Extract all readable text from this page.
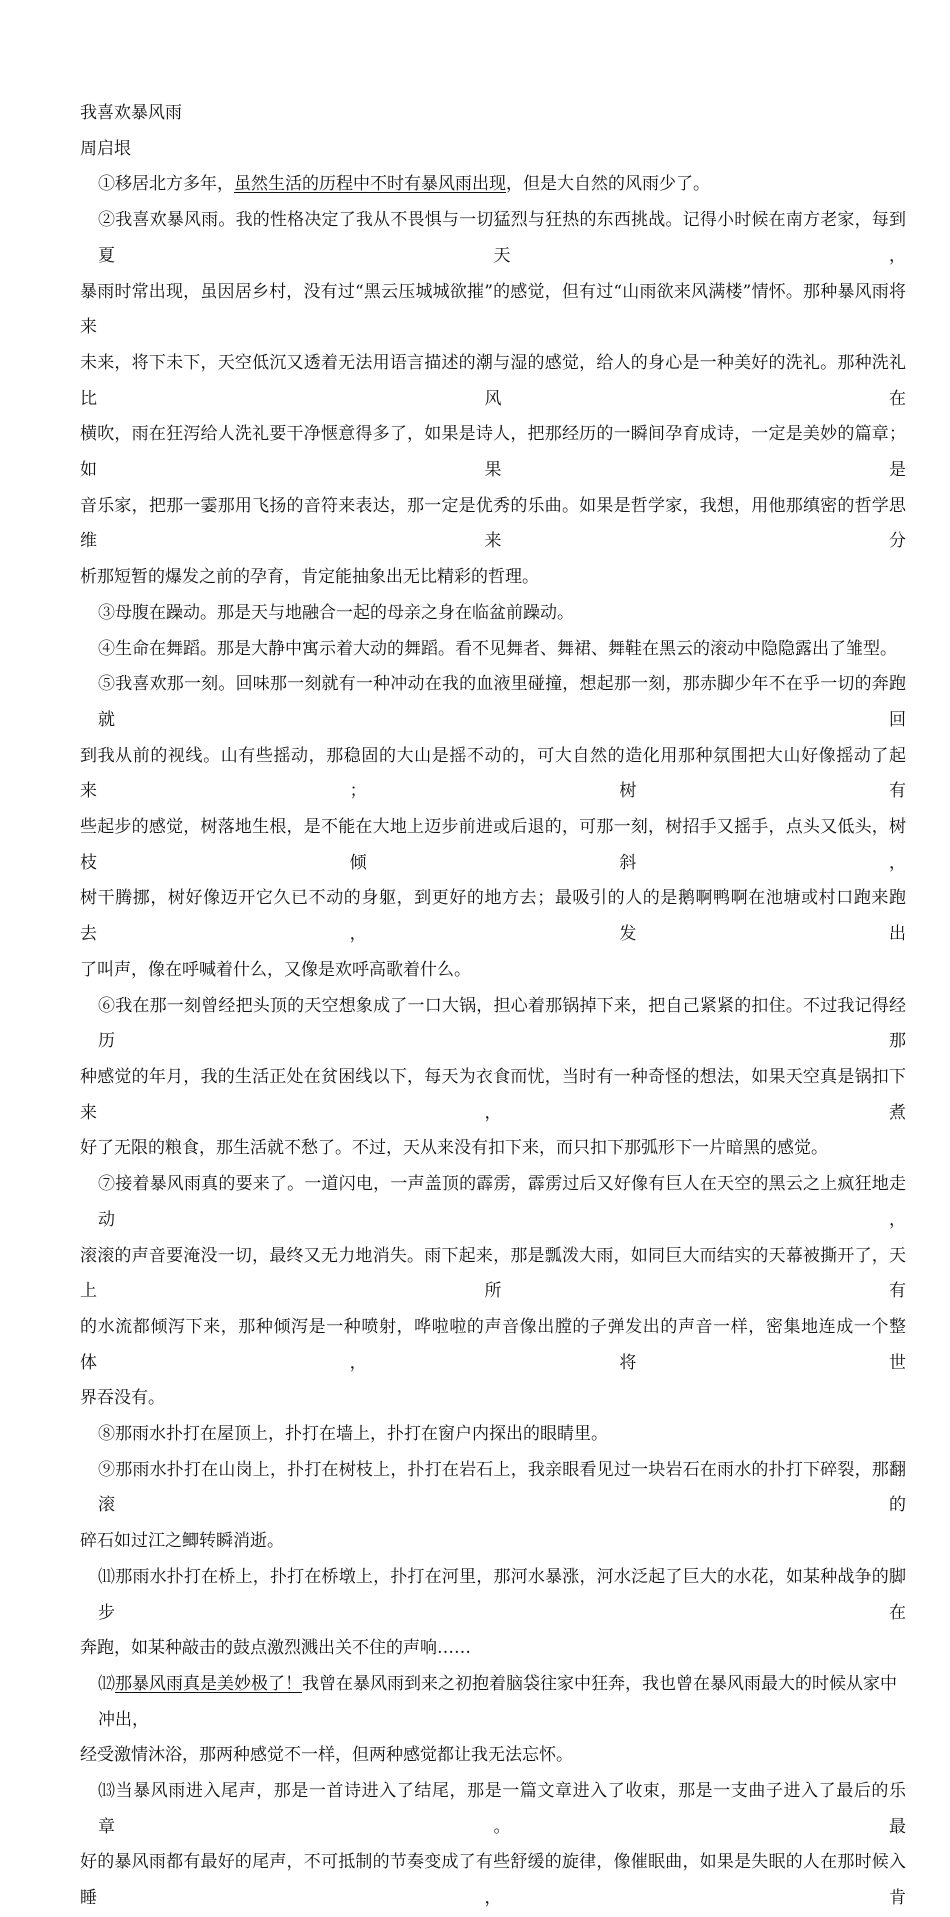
我喜欢暴风雨
周启垠
①移居北方多年，虽然生活的历程中不时有暴风雨出现，但是大自然的风雨少了。
②我喜欢暴风雨。我的性格决定了我从不畏惧与一切猛烈与狂热的东西挑战。记得小时候在南方老家，每到夏天，
暴雨时常出现，虽因居乡村，没有过“黑云压城城欲摧”的感觉，但有过“山雨欲来风满楼”情怀。那种暴风雨将来
未来，将下未下，天空低沉又透着无法用语言描述的潮与湿的感觉，给人的身心是一种美好的洗礼。那种洗礼比风在
横吹，雨在狂泻给人洗礼要干净惬意得多了，如果是诗人，把那经历的一瞬间孕育成诗，一定是美妙的篇章；如果是
音乐家，把那一霎那用飞扬的音符来表达，那一定是优秀的乐曲。如果是哲学家，我想，用他那缜密的哲学思维来分
析那短暂的爆发之前的孕育，肯定能抽象出无比精彩的哲理。
③母腹在躁动。那是天与地融合一起的母亲之身在临盆前躁动。
④生命在舞蹈。那是大静中寓示着大动的舞蹈。看不见舞者、舞裙、舞鞋在黑云的滚动中隐隐露出了雏型。
⑤我喜欢那一刻。回味那一刻就有一种冲动在我的血液里碰撞，想起那一刻，那赤脚少年不在乎一切的奔跑就回
到我从前的视线。山有些摇动，那稳固的大山是摇不动的，可大自然的造化用那种氛围把大山好像摇动了起来；树有
些起步的感觉，树落地生根，是不能在大地上迈步前进或后退的，可那一刻，树招手又摇手，点头又低头，树枝倾斜，
树干腾挪，树好像迈开它久已不动的身躯，到更好的地方去；最吸引的人的是鹅啊鸭啊在池塘或村口跑来跑去，发出
了叫声，像在呼喊着什么，又像是欢呼高歌着什么。
⑥我在那一刻曾经把头顶的天空想象成了一口大锅，担心着那锅掉下来，把自己紧紧的扣住。不过我记得经历那
种感觉的年月，我的生活正处在贫困线以下，每天为衣食而忧，当时有一种奇怪的想法，如果天空真是锅扣下来，煮
好了无限的粮食，那生活就不愁了。不过，天从来没有扣下来，而只扣下那弧形下一片暗黑的感觉。
⑦接着暴风雨真的要来了。一道闪电，一声盖顶的霹雳，霹雳过后又好像有巨人在天空的黑云之上疯狂地走动，
滚滚的声音要淹没一切，最终又无力地消失。雨下起来，那是瓢泼大雨，如同巨大而结实的天幕被撕开了，天上所有
的水流都倾泻下来，那种倾泻是一种喷射，哗啦啦的声音像出膛的子弹发出的声音一样，密集地连成一个整体，将世
界吞没有。
⑧那雨水扑打在屋顶上，扑打在墙上，扑打在窗户内探出的眼睛里。
⑨那雨水扑打在山岗上，扑打在树枝上，扑打在岩石上，我亲眼看见过一块岩石在雨水的扑打下碎裂，那翻滚的
碎石如过江之鲫转瞬消逝。
⑾那雨水扑打在桥上，扑打在桥墩上，扑打在河里，那河水暴涨，河水泛起了巨大的水花，如某种战争的脚步在
奔跑，如某种敲击的鼓点激烈溅出关不住的声响……
⑿那暴风雨真是美妙极了！我曾在暴风雨到来之初抱着脑袋往家中狂奔，我也曾在暴风雨最大的时候从家中冲出，
经受激情沐浴，那两种感觉不一样，但两种感觉都让我无法忘怀。
⒀当暴风雨进入尾声，那是一首诗进入了结尾，那是一篇文章进入了收束，那是一支曲子进入了最后的乐章。最
好的暴风雨都有最好的尾声，不可抵制的节奏变成了有些舒缓的旋律，像催眠曲，如果是失眠的人在那时候入睡，肯
